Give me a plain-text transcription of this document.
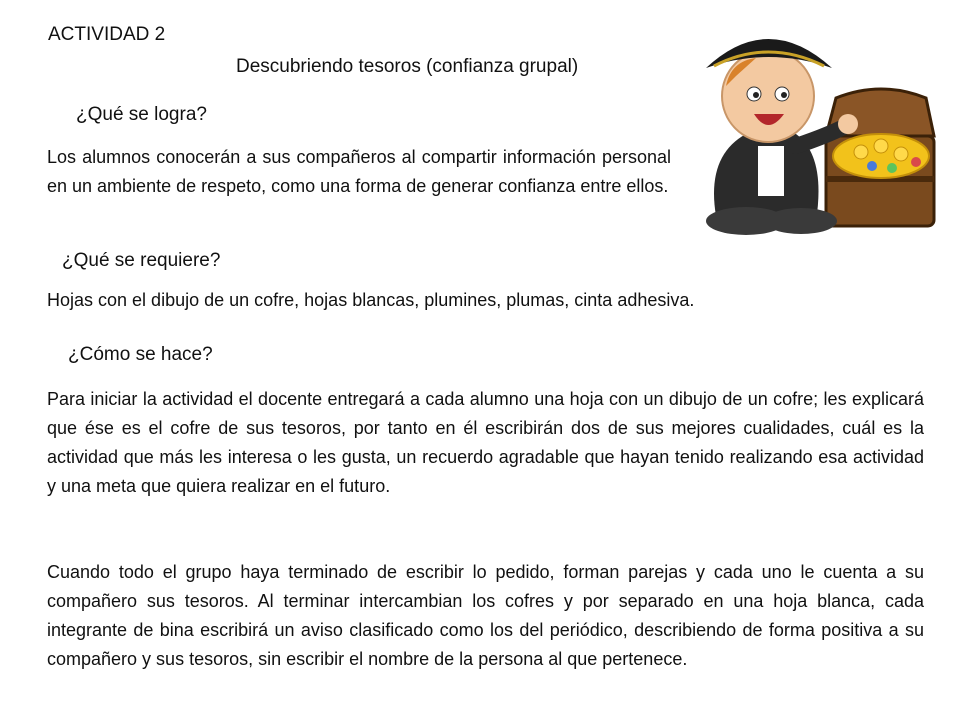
ACTIVIDAD 2
Descubriendo tesoros (confianza grupal)
¿Qué se logra?
Los alumnos conocerán a sus compañeros al compartir información personal en un ambiente de respeto, como una forma de generar confianza entre ellos.
¿Qué se requiere?
Hojas con el dibujo de un cofre, hojas blancas, plumines, plumas, cinta adhesiva.
¿Cómo se hace?
Para iniciar la actividad el docente entregará a cada alumno una hoja con un dibujo de un cofre; les explicará que ése es el cofre de sus tesoros, por tanto en él escribirán dos de sus mejores cualidades, cuál es la actividad que más les interesa o les gusta, un recuerdo agradable que hayan tenido realizando esa actividad y una meta que quiera realizar en el futuro.
Cuando todo el grupo haya terminado de escribir lo pedido, forman parejas y cada uno le cuenta a su compañero sus tesoros. Al terminar intercambian los cofres y por separado en una hoja blanca, cada integrante de bina escribirá un aviso clasificado como los del periódico, describiendo de forma positiva a su compañero y sus tesoros, sin escribir el nombre de la persona al que pertenece.
